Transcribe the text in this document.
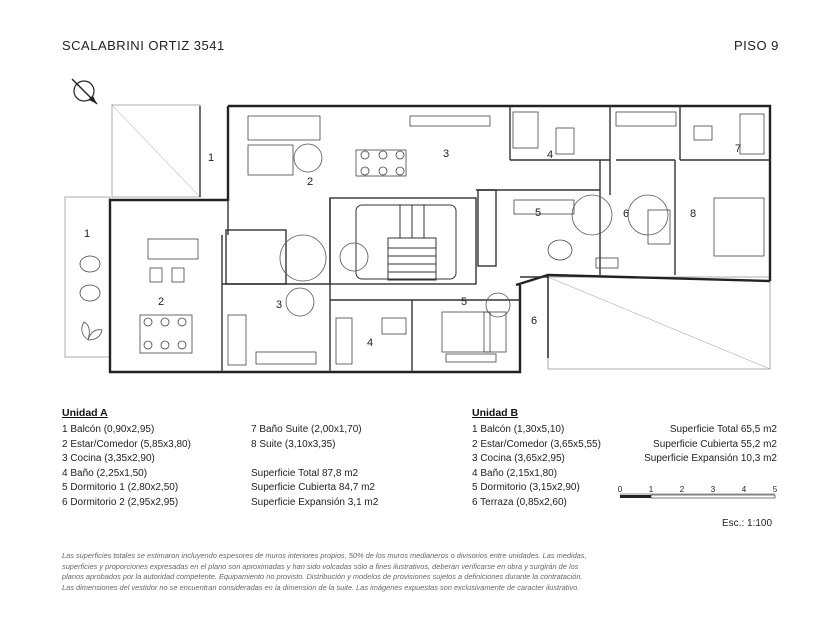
SCALABRINI ORTIZ 3541	PISO 9
1
2	3
4
5
6
1
2
3	4
5	6
7
8
Unidad A
1 Balcón (0,90x2,95)
2 Estar/Comedor (5,85x3,80)
3 Cocina (3,35x2,90)
4 Baño (2,25x1,50)
5 Dormitorio 1 (2,80x2,50)
6 Dormitorio 2 (2,95x2,95)
7 Baño Suite (2,00x1,70)
8 Suite (3,10x3,35)
Superficie Total 87,8 m2
Superficie Cubierta 84,7 m2
Superficie Expansión 3,1 m2
Unidad B
1 Balcón (1,30x5,10)
2 Estar/Comedor (3,65x5,55)
3 Cocina (3,65x2,95)
4 Baño (2,15x1,80)
5 Dormitorio (3,15x2,90)
6 Terraza (0,85x2,60)
Superficie Total 65,5 m2
Superficie Cubierta 55,2 m2
Superficie Expansión 10,3 m2
0	1	2	3	4	5
Esc.: 1:100
Las superficies totales se estimaron incluyendo espesores de muros interiores propios, 50% de los muros medianeros o divisorios entre unidades. Las medidas,
superficies y proporciones expresadas en el plano son aproximadas y han sido volcadas sólo a fines ilustrativos, deberán verificarse en obra y surgirán de los
planos aprobados por la autoridad competente. Equipamiento no provisto. Distribución y modelos de provisiones sujetos a definiciones durante la contratación.
Las dimensiones del vestidor no se encuentran consideradas en la dimension de la suite. Las imágenes expuestas son exclusivamente de caracter ilustrativo.
